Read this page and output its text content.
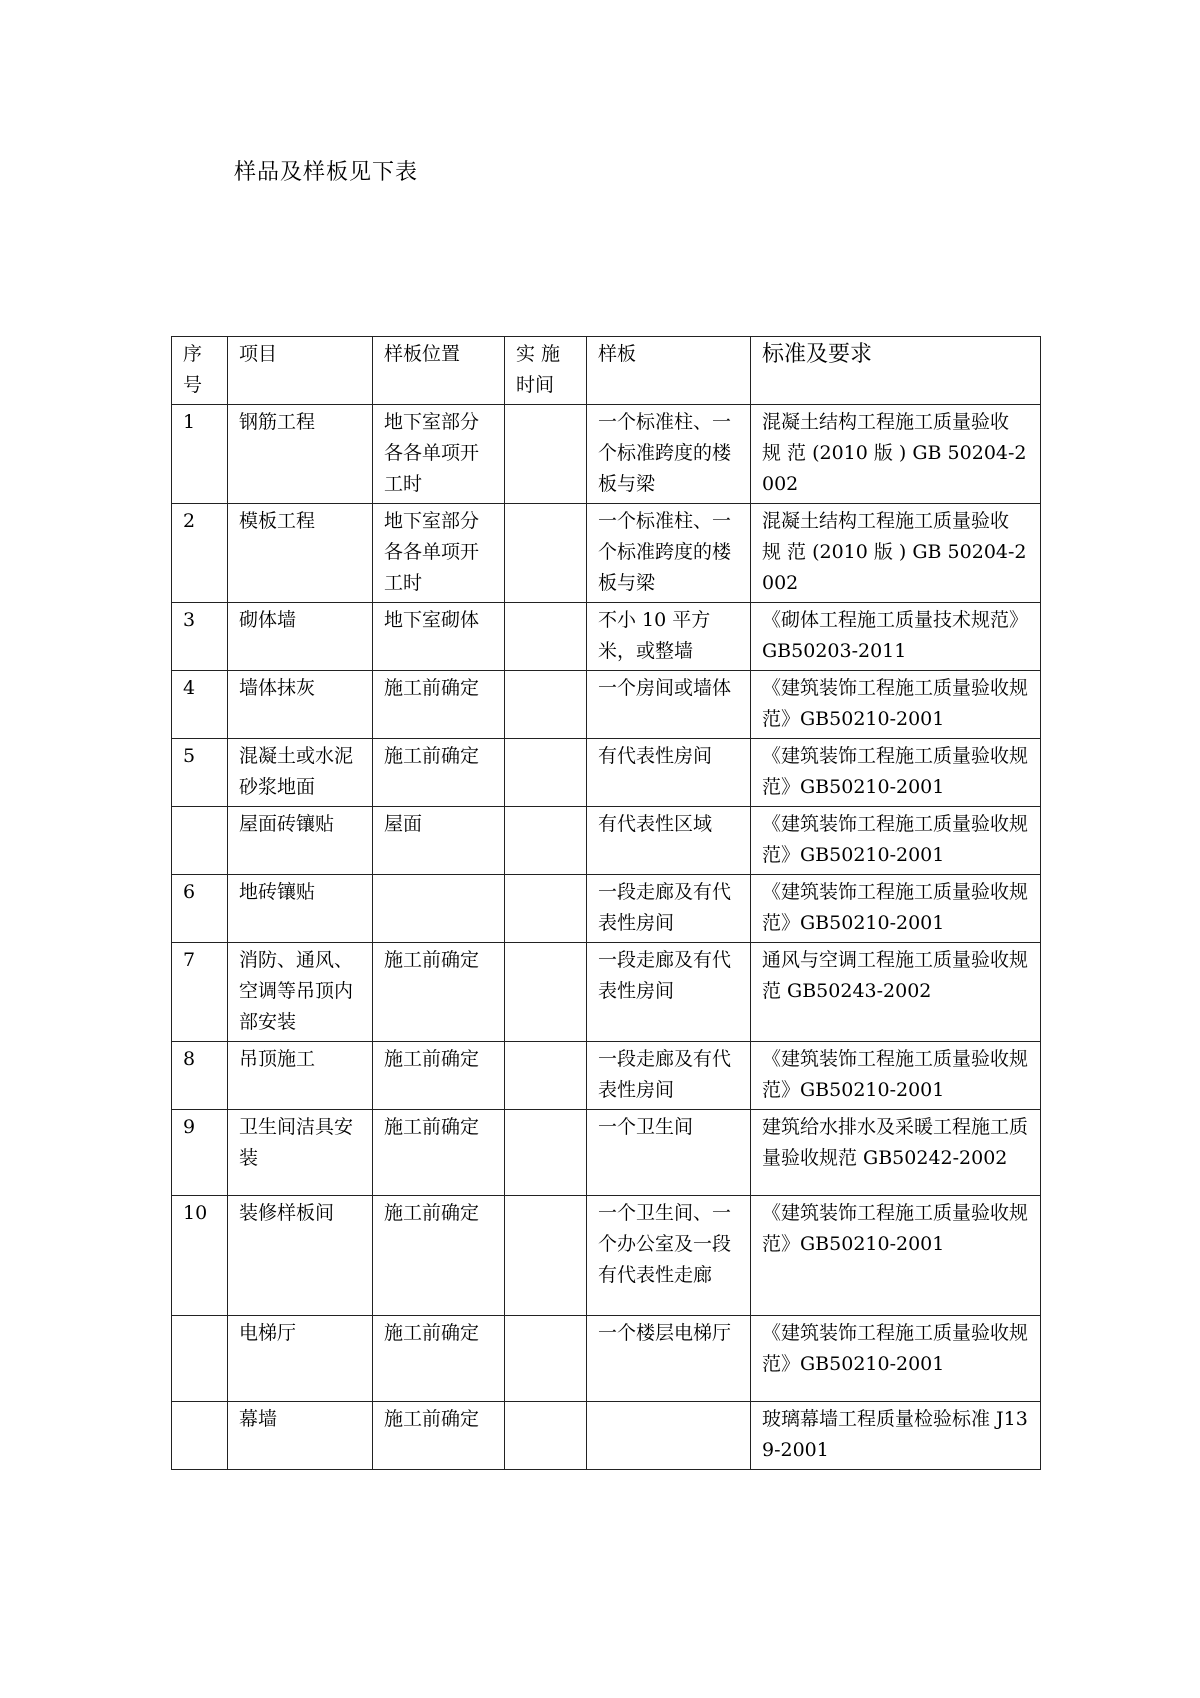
样品及样板见下表
序号	项目	样板位置	实 施 时间	样板	标准及要求
1	钢筋工程	地下室部分各各单项开工时		一个标准柱、一个标准跨度的楼板与梁	混凝土结构工程施工质量验收 规 范 (2010 版 ) GB 50204-2002
2	模板工程	地下室部分各各单项开工时		一个标准柱、一个标准跨度的楼板与梁	混凝土结构工程施工质量验收 规 范 (2010 版 ) GB 50204-2002
3	砌体墙	地下室砌体		不小 10 平方米，或整墙	《砌体工程施工质量技术规范》GB50203-2011
4	墙体抹灰	施工前确定		一个房间或墙体	《建筑装饰工程施工质量验收规范》GB50210-2001
5	混凝土或水泥砂浆地面	施工前确定		有代表性房间	《建筑装饰工程施工质量验收规范》GB50210-2001
	屋面砖镶贴	屋面		有代表性区域	《建筑装饰工程施工质量验收规范》GB50210-2001
6	地砖镶贴			一段走廊及有代表性房间	《建筑装饰工程施工质量验收规范》GB50210-2001
7	消防、通风、空调等吊顶内部安装	施工前确定		一段走廊及有代表性房间	通风与空调工程施工质量验收规范 GB50243-2002
8	吊顶施工	施工前确定		一段走廊及有代表性房间	《建筑装饰工程施工质量验收规范》GB50210-2001
9	卫生间洁具安装	施工前确定		一个卫生间	建筑给水排水及采暖工程施工质量验收规范 GB50242-2002
10	装修样板间	施工前确定		一个卫生间、一个办公室及一段有代表性走廊	《建筑装饰工程施工质量验收规范》GB50210-2001
	电梯厅	施工前确定		一个楼层电梯厅	《建筑装饰工程施工质量验收规范》GB50210-2001
	幕墙	施工前确定			玻璃幕墙工程质量检验标准 J139-2001
